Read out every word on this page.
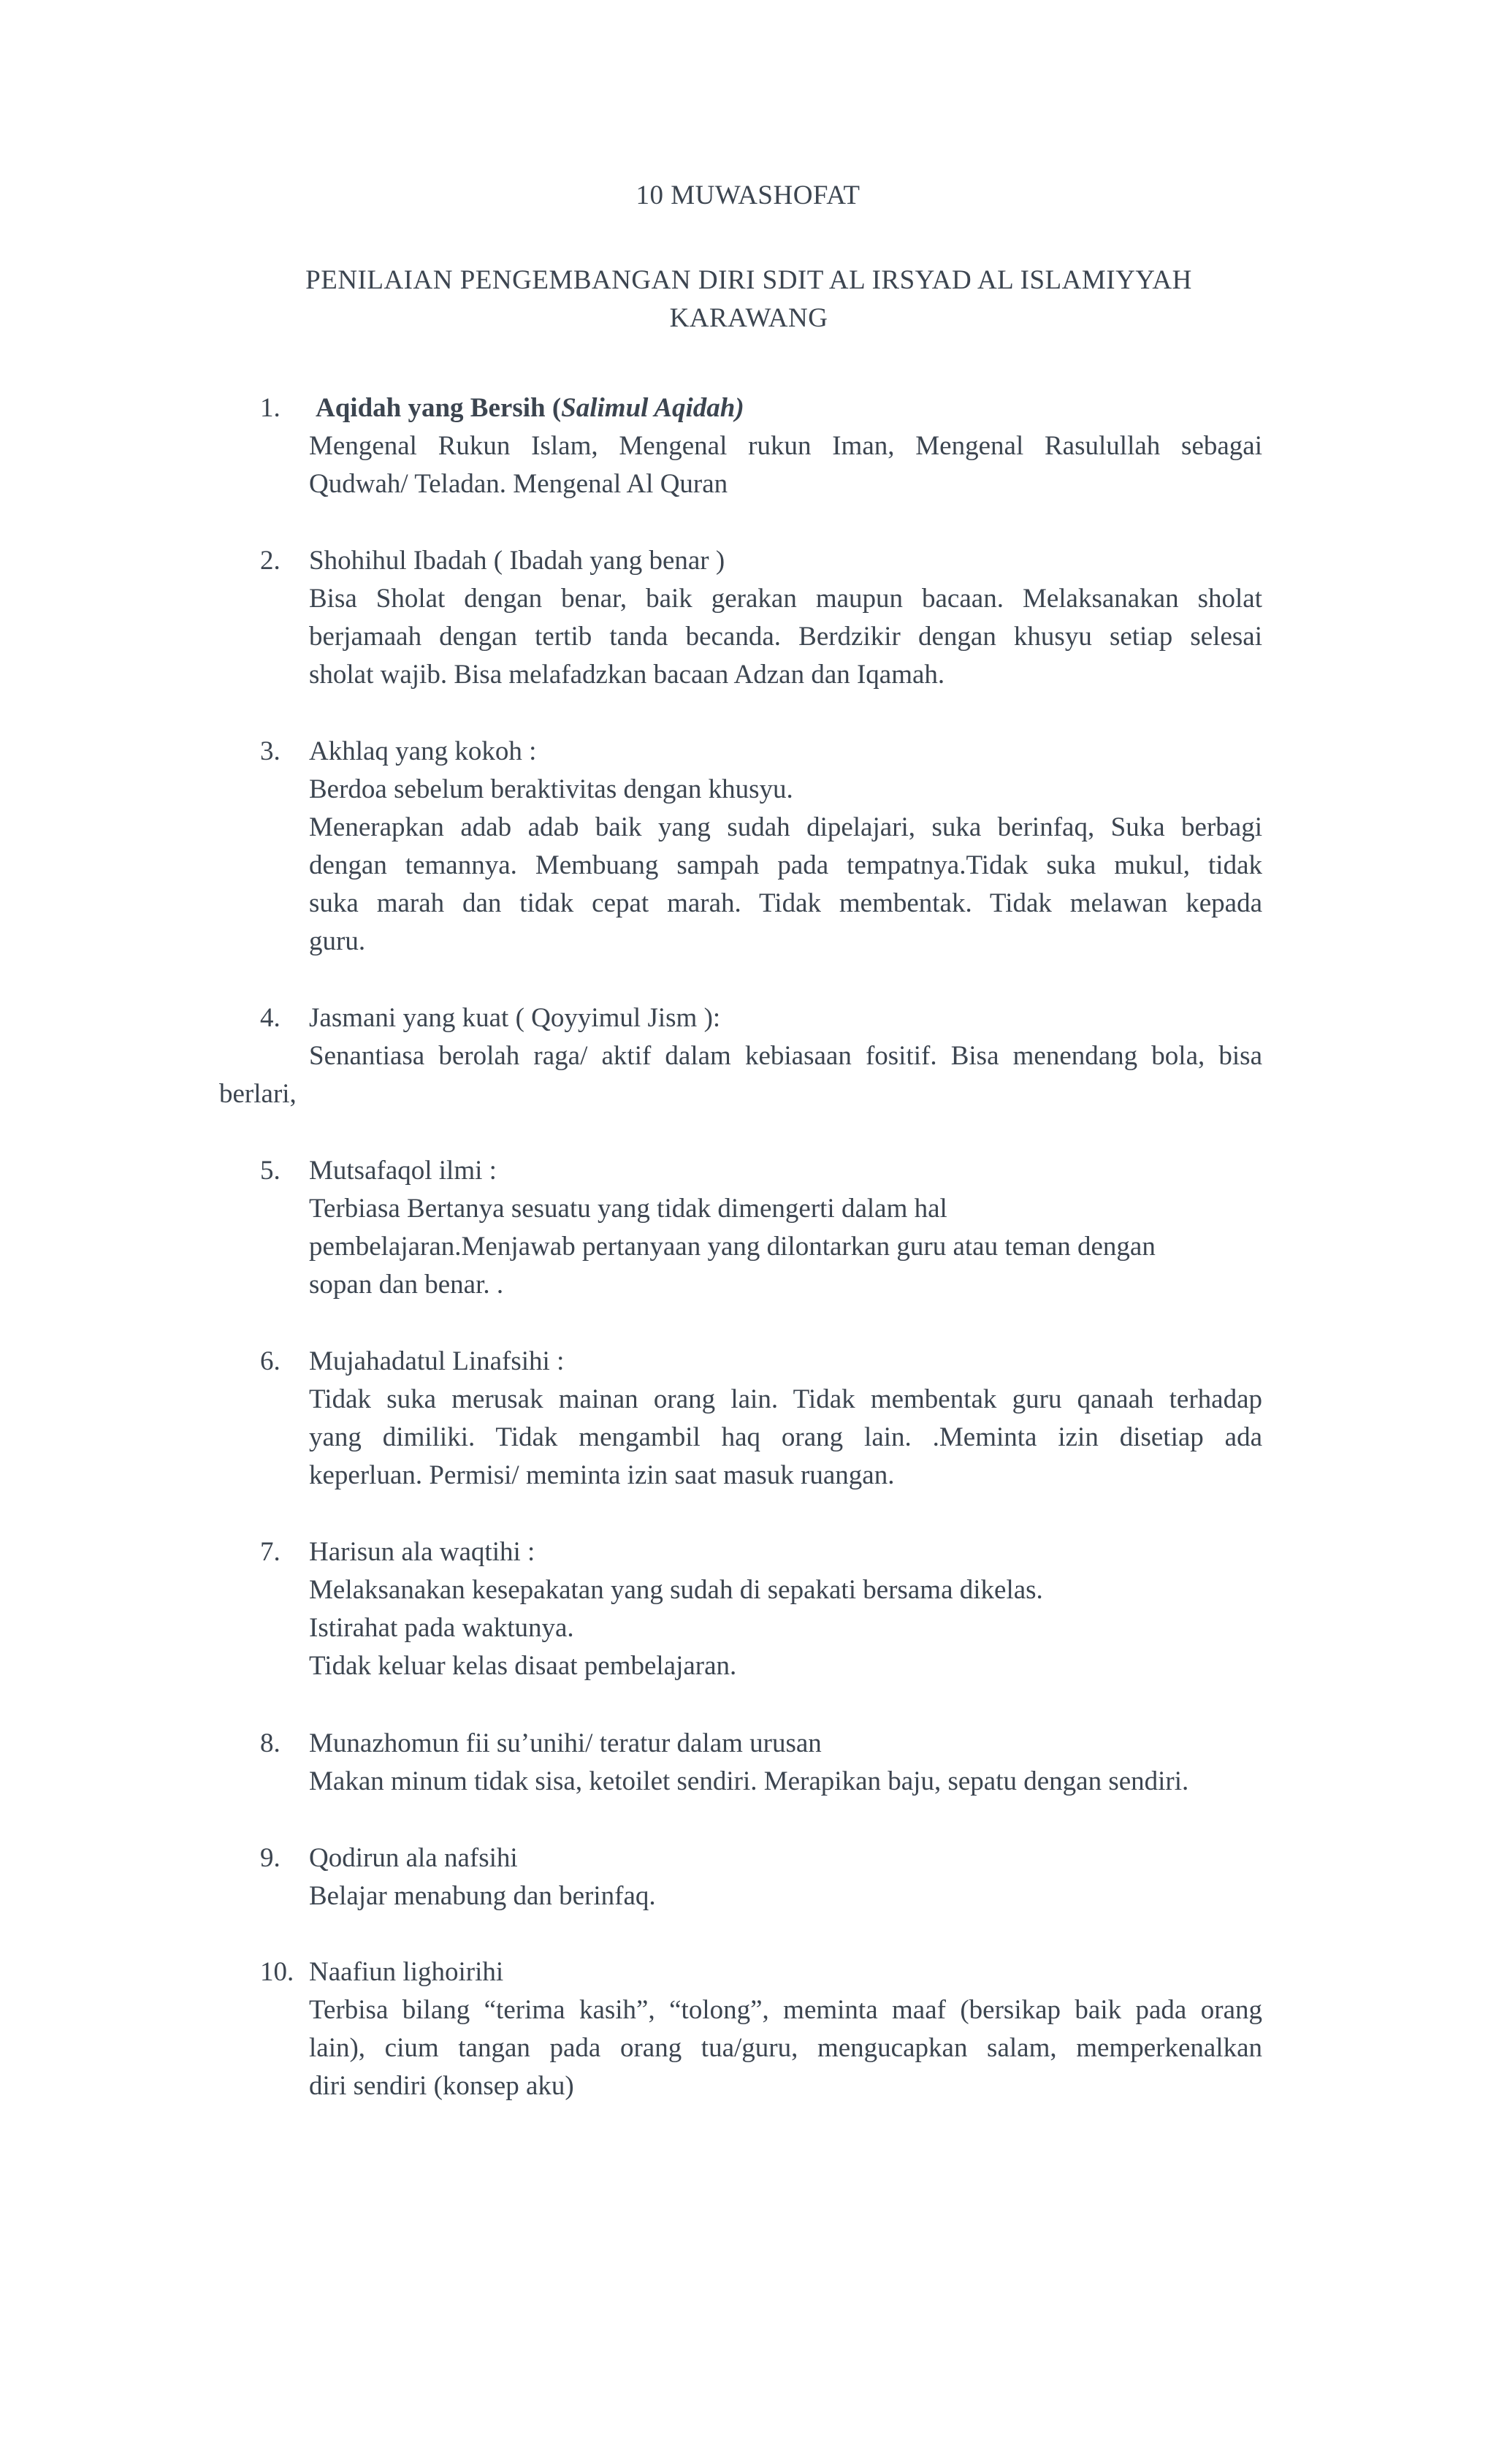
10 MUWASHOFAT
PENILAIAN PENGEMBANGAN DIRI SDIT AL IRSYAD AL ISLAMIYYAH
KARAWANG
1.	Aqidah yang Bersih (Salimul Aqidah)
Mengenal Rukun Islam, Mengenal rukun Iman, Mengenal Rasulullah sebagai
Qudwah/ Teladan. Mengenal Al Quran
2.	Shohihul Ibadah ( Ibadah yang benar )
Bisa Sholat dengan benar, baik gerakan maupun bacaan. Melaksanakan sholat
berjamaah dengan tertib tanda becanda. Berdzikir dengan khusyu setiap selesai
sholat wajib. Bisa melafadzkan bacaan Adzan dan Iqamah.
3.	Akhlaq yang kokoh :
Berdoa sebelum beraktivitas dengan khusyu.
Menerapkan adab adab baik yang sudah dipelajari, suka berinfaq, Suka berbagi
dengan temannya. Membuang sampah pada tempatnya.Tidak suka mukul, tidak
suka marah dan tidak cepat marah. Tidak membentak. Tidak melawan kepada
guru.
4.	Jasmani yang kuat ( Qoyyimul Jism ):
Senantiasa berolah raga/ aktif dalam kebiasaan fositif. Bisa menendang bola, bisa
berlari,
5.	Mutsafaqol ilmi :
Terbiasa Bertanya sesuatu yang tidak dimengerti dalam hal
pembelajaran.Menjawab pertanyaan yang dilontarkan guru atau teman dengan
sopan dan benar. .
6.	Mujahadatul Linafsihi :
Tidak suka merusak mainan orang lain. Tidak membentak guru qanaah terhadap
yang dimiliki. Tidak mengambil haq orang lain. .Meminta izin disetiap ada
keperluan. Permisi/ meminta izin saat masuk ruangan.
7.	Harisun ala waqtihi :
Melaksanakan kesepakatan yang sudah di sepakati bersama dikelas.
Istirahat pada waktunya.
Tidak keluar kelas disaat pembelajaran.
8.	Munazhomun fii su’unihi/ teratur dalam urusan
Makan minum tidak sisa, ketoilet sendiri. Merapikan baju, sepatu dengan sendiri.
9.	Qodirun ala nafsihi
Belajar menabung dan berinfaq.
10. Naafiun lighoirihi
Terbisa bilang “terima kasih”, “tolong”, meminta maaf (bersikap baik pada orang
lain), cium tangan pada orang tua/guru, mengucapkan salam, memperkenalkan
diri sendiri (konsep aku)
